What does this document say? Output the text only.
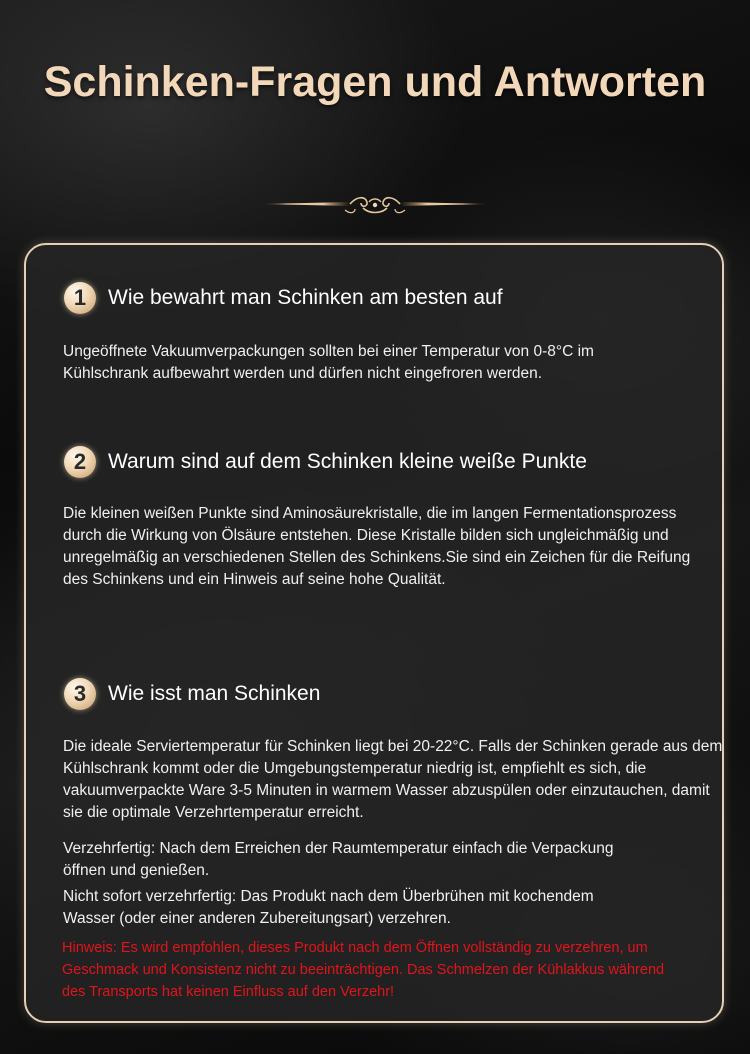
Schinken-Fragen und Antworten
1	Wie bewahrt man Schinken am besten auf

Ungeöffnete Vakuumverpackungen sollten bei einer Temperatur von 0-8°C im Kühlschrank aufbewahrt werden und dürfen nicht eingefroren werden.

2	Warum sind auf dem Schinken kleine weiße Punkte

Die kleinen weißen Punkte sind Aminosäurekristalle, die im langen Fermentationsprozess durch die Wirkung von Ölsäure entstehen. Diese Kristalle bilden sich ungleichmäßig und unregelmäßig an verschiedenen Stellen des Schinkens.Sie sind ein Zeichen für die Reifung des Schinkens und ein Hinweis auf seine hohe Qualität.

3	Wie isst man Schinken

Die ideale Serviertemperatur für Schinken liegt bei 20-22°C. Falls der Schinken gerade aus dem Kühlschrank kommt oder die Umgebungstemperatur niedrig ist, empfiehlt es sich, die vakuumverpackte Ware 3-5 Minuten in warmem Wasser abzuspülen oder einzutauchen, damit sie die optimale Verzehrtemperatur erreicht.

Verzehrfertig: Nach dem Erreichen der Raumtemperatur einfach die Verpackung öffnen und genießen.

Nicht sofort verzehrfertig: Das Produkt nach dem Überbrühen mit kochendem Wasser (oder einer anderen Zubereitungsart) verzehren.

Hinweis: Es wird empfohlen, dieses Produkt nach dem Öffnen vollständig zu verzehren, um Geschmack und Konsistenz nicht zu beeinträchtigen. Das Schmelzen der Kühlakkus während des Transports hat keinen Einfluss auf den Verzehr!
